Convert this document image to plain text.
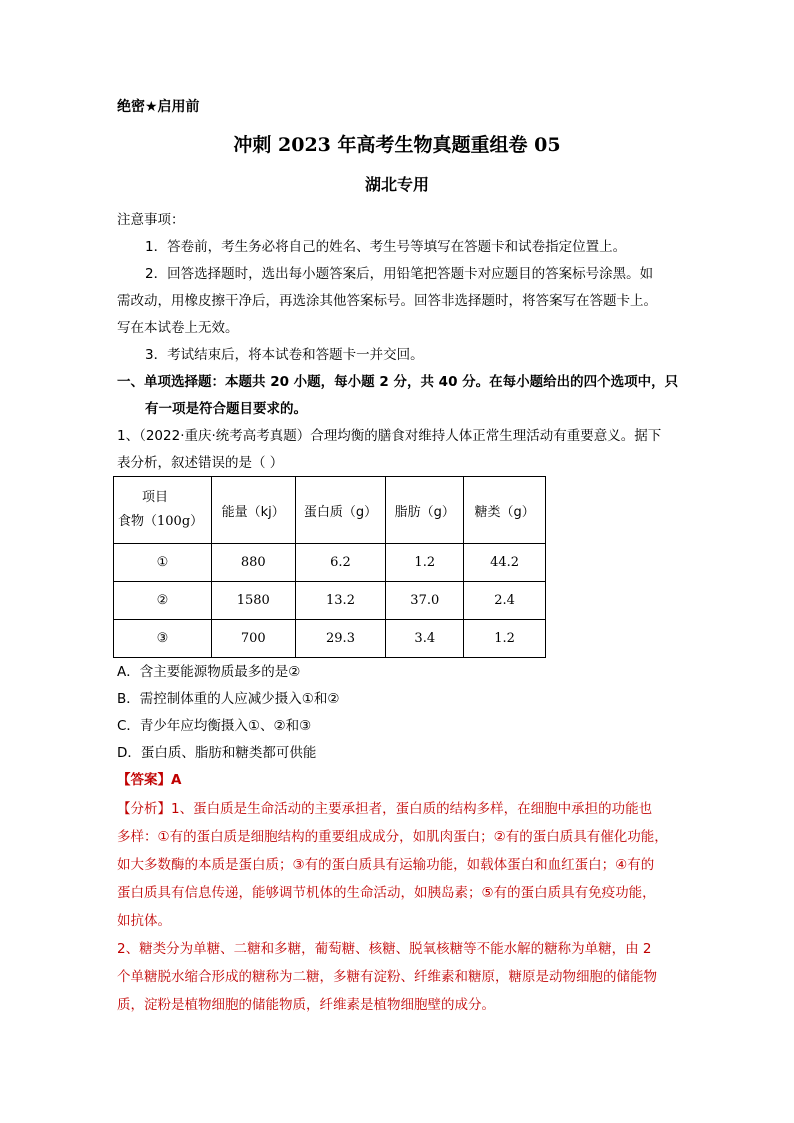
绝密★启用前
冲刺 2023 年高考生物真题重组卷 05
湖北专用
注意事项：
1．答卷前，考生务必将自己的姓名、考生号等填写在答题卡和试卷指定位置上。
2．回答选择题时，选出每小题答案后，用铅笔把答题卡对应题目的答案标号涂黑。如
需改动，用橡皮擦干净后，再选涂其他答案标号。回答非选择题时，将答案写在答题卡上。
写在本试卷上无效。
3．考试结束后，将本试卷和答题卡一并交回。
一、单项选择题：本题共 20 小题，每小题 2 分，共 40 分。在每小题给出的四个选项中，只
有一项是符合题目要求的。
1、（2022·重庆·统考高考真题）合理均衡的膳食对维持人体正常生理活动有重要意义。据下
表分析，叙述错误的是（ ）
项目
食物（100g）	能量（kj）	蛋白质（g）	脂肪（g）	糖类（g）
①	880	6.2	1.2	44.2
②	1580	13.2	37.0	2.4
③	700	29.3	3.4	1.2
A．含主要能源物质最多的是②
B．需控制体重的人应减少摄入①和②
C．青少年应均衡摄入①、②和③
D．蛋白质、脂肪和糖类都可供能
【答案】A
【分析】1、蛋白质是生命活动的主要承担者，蛋白质的结构多样，在细胞中承担的功能也
多样：①有的蛋白质是细胞结构的重要组成成分，如肌肉蛋白；②有的蛋白质具有催化功能，
如大多数酶的本质是蛋白质；③有的蛋白质具有运输功能，如载体蛋白和血红蛋白；④有的
蛋白质具有信息传递，能够调节机体的生命活动，如胰岛素；⑤有的蛋白质具有免疫功能，
如抗体。
2、糖类分为单糖、二糖和多糖，葡萄糖、核糖、脱氧核糖等不能水解的糖称为单糖，由 2
个单糖脱水缩合形成的糖称为二糖，多糖有淀粉、纤维素和糖原，糖原是动物细胞的储能物
质，淀粉是植物细胞的储能物质，纤维素是植物细胞壁的成分。
